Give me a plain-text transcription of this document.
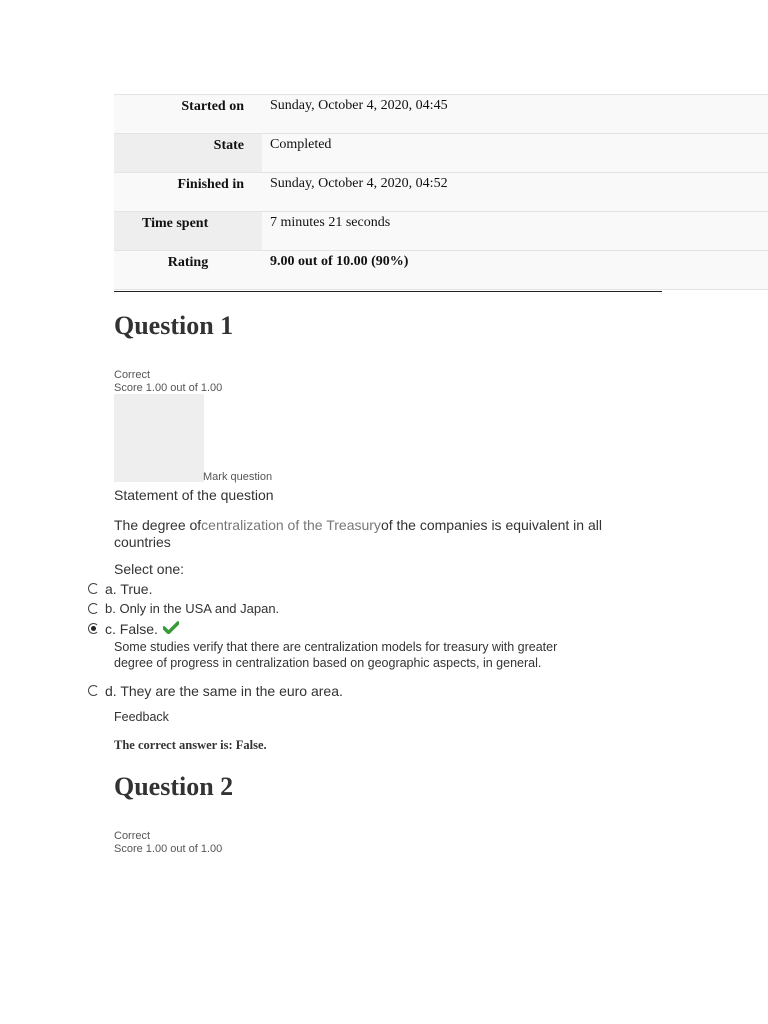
Started on	Sunday, October 4, 2020, 04:45

State	Completed

Finished in	Sunday, October 4, 2020, 04:52

Time spent	7 minutes 21 seconds

Rating	9.00 out of 10.00 (90%)
Question 1
Correct
Score 1.00 out of 1.00
Mark question
Statement of the question
The degree ofcentralization of the Treasuryof the companies is equivalent in all countries
Select one:
a. True.
b. Only in the USA and Japan.
c. False.
Some studies verify that there are centralization models for treasury with greater degree of progress in centralization based on geographic aspects, in general.
d. They are the same in the euro area.
Feedback
The correct answer is: False.
Question 2
Correct
Score 1.00 out of 1.00
